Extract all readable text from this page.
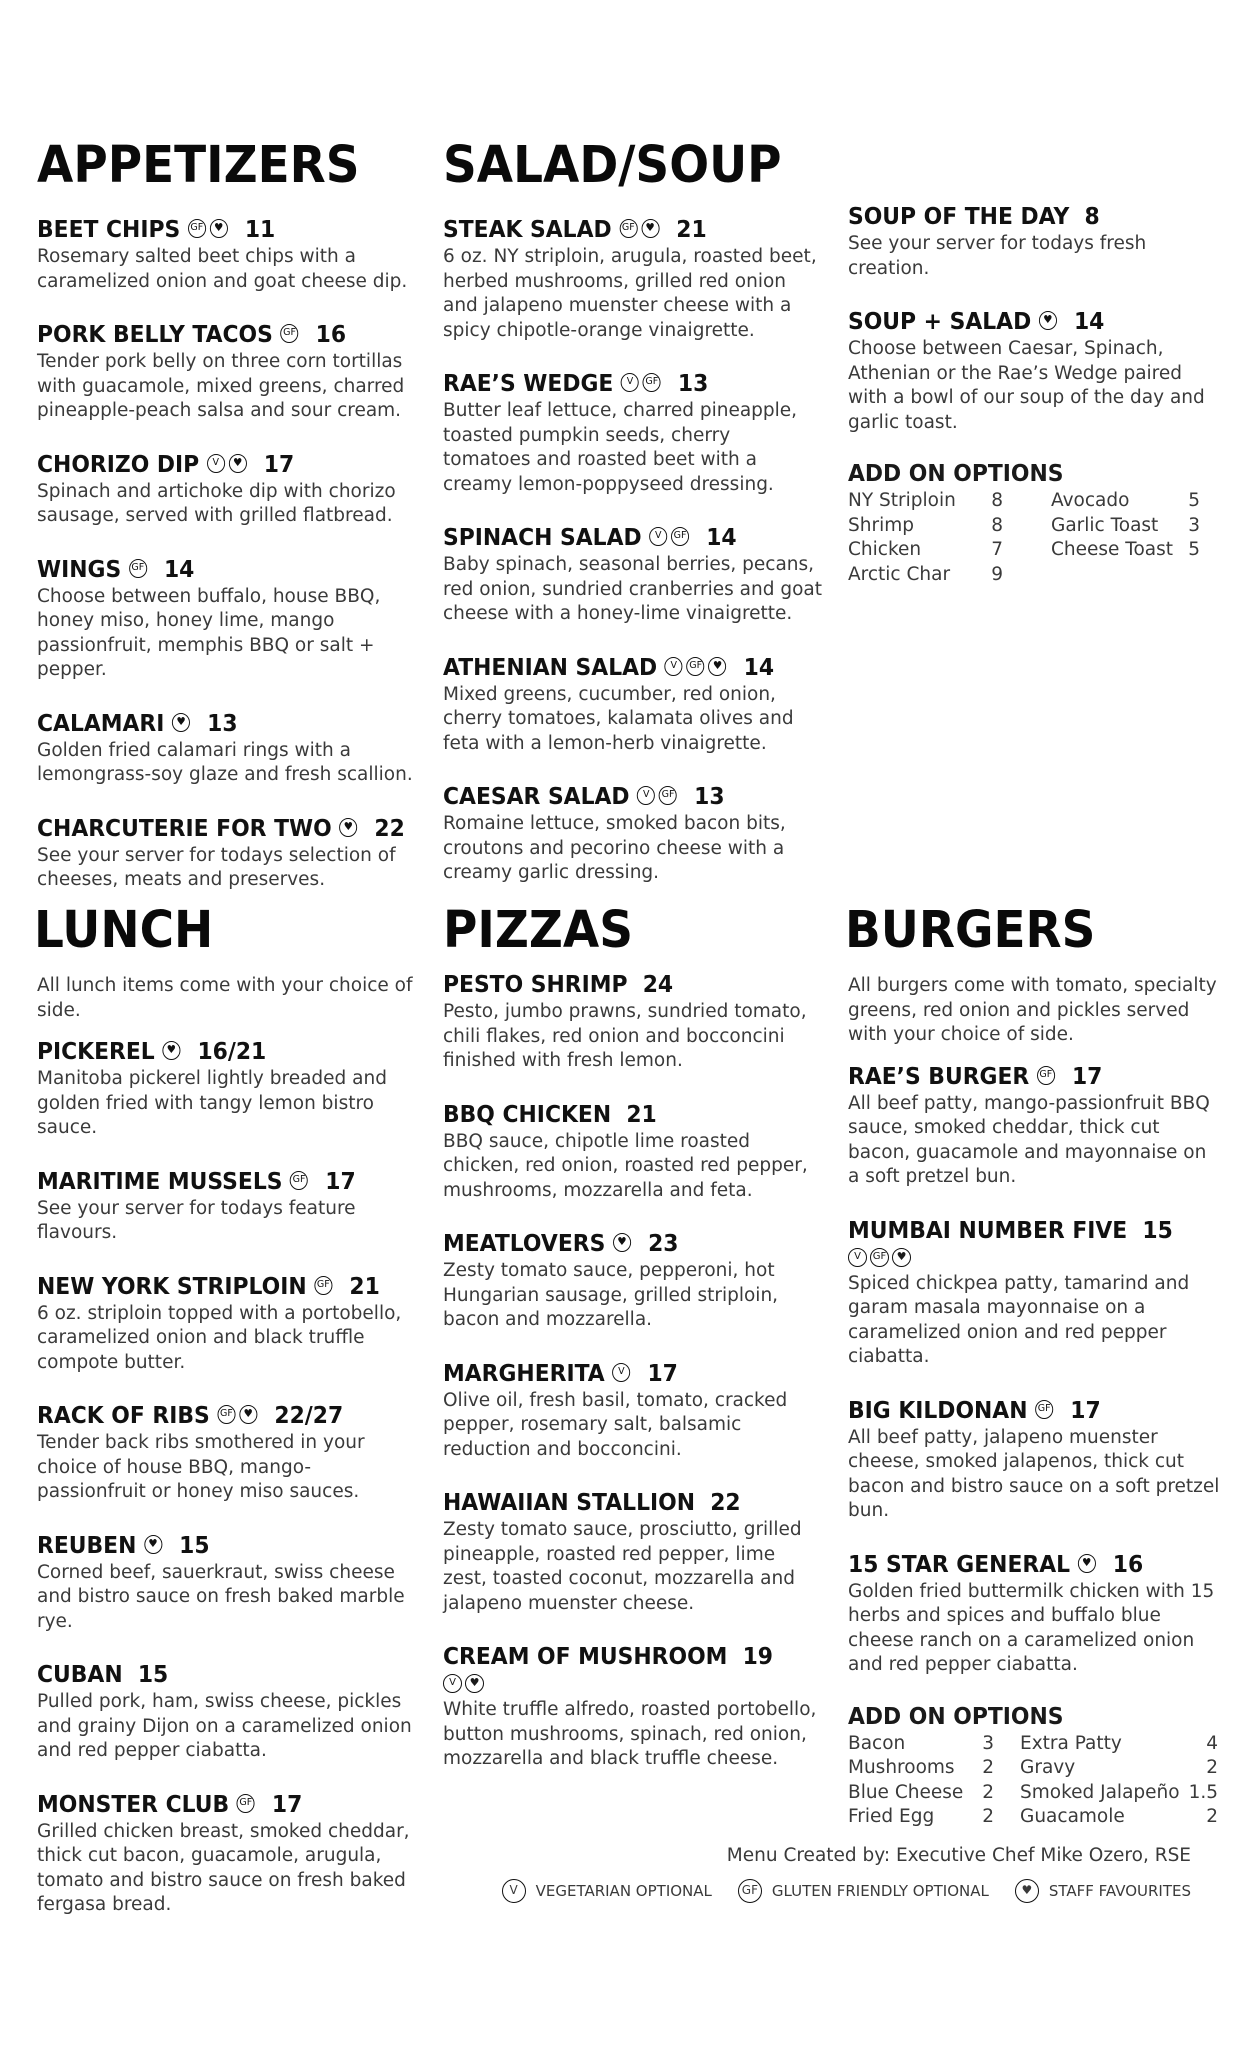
APPETIZERS
BEET CHIPS GF ♥ 11
Rosemary salted beet chips with a caramelized onion and goat cheese dip.
PORK BELLY TACOS GF 16
Tender pork belly on three corn tortillas with guacamole, mixed greens, charred pineapple-peach salsa and sour cream.
CHORIZO DIP V ♥ 17
Spinach and artichoke dip with chorizo sausage, served with grilled flatbread.
WINGS GF 14
Choose between buffalo, house BBQ, honey miso, honey lime, mango passionfruit, memphis BBQ or salt + pepper.
CALAMARI ♥ 13
Golden fried calamari rings with a lemongrass-soy glaze and fresh scallion.
CHARCUTERIE FOR TWO ♥ 22
See your server for todays selection of cheeses, meats and preserves.
SALAD/SOUP
STEAK SALAD GF ♥ 21
6 oz. NY striploin, arugula, roasted beet, herbed mushrooms, grilled red onion and jalapeno muenster cheese with a spicy chipotle-orange vinaigrette.
RAE’S WEDGE V GF 13
Butter leaf lettuce, charred pineapple, toasted pumpkin seeds, cherry tomatoes and roasted beet with a creamy lemon-poppyseed dressing.
SPINACH SALAD V GF 14
Baby spinach, seasonal berries, pecans, red onion, sundried cranberries and goat cheese with a honey-lime vinaigrette.
ATHENIAN SALAD V GF ♥ 14
Mixed greens, cucumber, red onion, cherry tomatoes, kalamata olives and feta with a lemon-herb vinaigrette.
CAESAR SALAD V GF 13
Romaine lettuce, smoked bacon bits, croutons and pecorino cheese with a creamy garlic dressing.
SOUP OF THE DAY 8
See your server for todays fresh creation.
SOUP + SALAD ♥ 14
Choose between Caesar, Spinach, Athenian or the Rae’s Wedge paired with a bowl of our soup of the day and garlic toast.
ADD ON OPTIONS
NY Striploin 8	Avocado	5
Shrimp	8	Garlic Toast 3
Chicken	7	Cheese Toast 5
Arctic Char 9
LUNCH
All lunch items come with your choice of side.
PICKEREL ♥ 16/21
Manitoba pickerel lightly breaded and golden fried with tangy lemon bistro sauce.
MARITIME MUSSELS GF 17
See your server for todays feature flavours.
NEW YORK STRIPLOIN GF 21
6 oz. striploin topped with a portobello, caramelized onion and black truffle compote butter.
RACK OF RIBS GF ♥ 22/27
Tender back ribs smothered in your choice of house BBQ, mango-passionfruit or honey miso sauces.
REUBEN ♥ 15
Corned beef, sauerkraut, swiss cheese and bistro sauce on fresh baked marble rye.
CUBAN 15
Pulled pork, ham, swiss cheese, pickles and grainy Dijon on a caramelized onion and red pepper ciabatta.
MONSTER CLUB GF 17
Grilled chicken breast, smoked cheddar, thick cut bacon, guacamole, arugula, tomato and bistro sauce on fresh baked fergasa bread.
PIZZAS
PESTO SHRIMP 24
Pesto, jumbo prawns, sundried tomato, chili flakes, red onion and bocconcini finished with fresh lemon.
BBQ CHICKEN 21
BBQ sauce, chipotle lime roasted chicken, red onion, roasted red pepper, mushrooms, mozzarella and feta.
MEATLOVERS ♥ 23
Zesty tomato sauce, pepperoni, hot Hungarian sausage, grilled striploin, bacon and mozzarella.
MARGHERITA V 17
Olive oil, fresh basil, tomato, cracked pepper, rosemary salt, balsamic reduction and bocconcini.
HAWAIIAN STALLION 22
Zesty tomato sauce, prosciutto, grilled pineapple, roasted red pepper, lime zest, toasted coconut, mozzarella and jalapeno muenster cheese.
CREAM OF MUSHROOM 19
V ♥
White truffle alfredo, roasted portobello, button mushrooms, spinach, red onion, mozzarella and black truffle cheese.
BURGERS
All burgers come with tomato, specialty greens, red onion and pickles served with your choice of side.
RAE’S BURGER GF 17
All beef patty, mango-passionfruit BBQ sauce, smoked cheddar, thick cut bacon, guacamole and mayonnaise on a soft pretzel bun.
MUMBAI NUMBER FIVE 15
V GF ♥
Spiced chickpea patty, tamarind and garam masala mayonnaise on a caramelized onion and red pepper ciabatta.
BIG KILDONAN GF 17
All beef patty, jalapeno muenster cheese, smoked jalapenos, thick cut bacon and bistro sauce on a soft pretzel bun.
15 STAR GENERAL ♥ 16
Golden fried buttermilk chicken with 15 herbs and spices and buffalo blue cheese ranch on a caramelized onion and red pepper ciabatta.
ADD ON OPTIONS
Bacon	3 Extra Patty	4
Mushrooms 2 Gravy	2
Blue Cheese 2 Smoked Jalapeño 1.5
Fried Egg	2 Guacamole	2
Menu Created by: Executive Chef Mike Ozero, RSE
V	VEGETARIAN OPTIONAL	GF GLUTEN FRIENDLY OPTIONAL	♥	STAFF FAVOURITES
